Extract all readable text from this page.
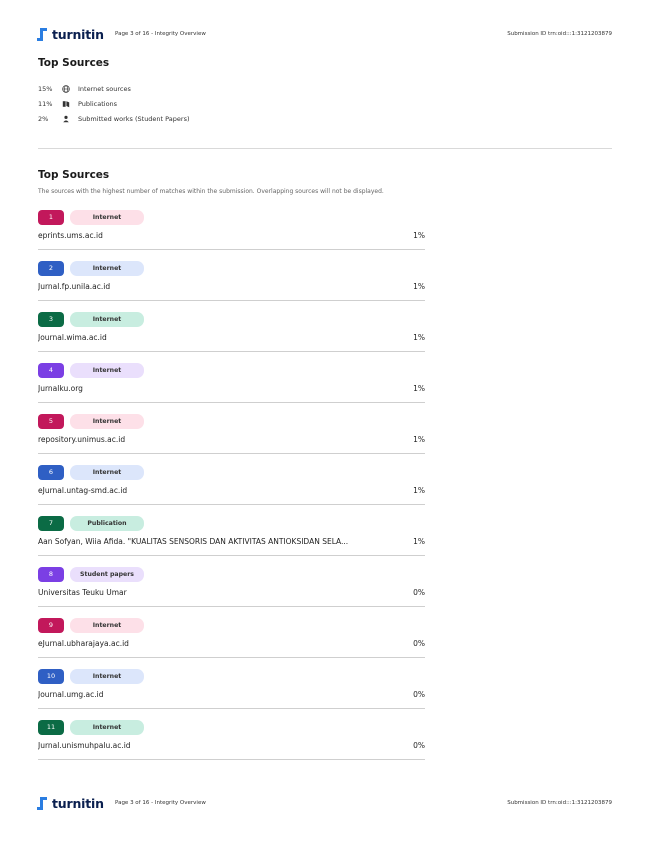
turnitin Page 3 of 16 - Integrity Overview	Submission ID trn:oid:::1:3121203879
Top Sources
15%	Internet sources
11%	Publications
2%	Submitted works (Student Papers)
Top Sources
The sources with the highest number of matches within the submission. Overlapping sources will not be displayed.
1	Internet
eprints.ums.ac.id	1%
2	Internet
Jurnal.fp.unila.ac.id	1%
3	Internet
Journal.wima.ac.id	1%
4	Internet
Jurnalku.org	1%
5	Internet
repository.unimus.ac.id	1%
6	Internet
eJurnal.untag-smd.ac.id	1%
7	Publication
Aan Sofyan, Wiia Afida. "KUALITAS SENSORIS DAN AKTIVITAS ANTIOKSIDAN SELA...	1%
8	Student papers
Universitas Teuku Umar	0%
9	Internet
eJurnal.ubharajaya.ac.id	0%
10	Internet
Journal.umg.ac.id	0%
11	Internet
Jurnal.unismuhpalu.ac.id	0%
turnitin Page 3 of 16 - Integrity Overview	Submission ID trn:oid:::1:3121203879
